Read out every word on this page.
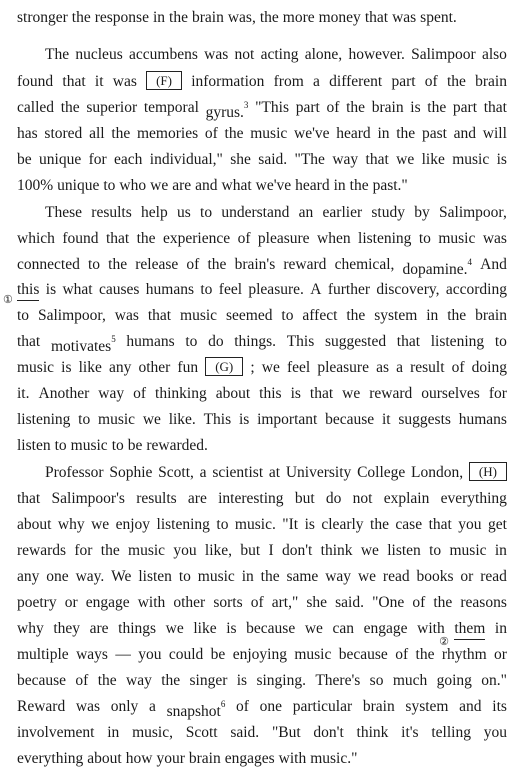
stronger the response in the brain was, the more money that was spent.
The nucleus accumbens was not acting alone, however. Salimpoor also
found that it was	(F)	information from a different part of the brain
called the superior temporal gyrus.$^3$ "This part of the brain is the part that
has stored all the memories of the music we've heard in the past and will
be unique for each individual," she said. "The way that we like music is
100% unique to who we are and what we've heard in the past."
These results help us to understand an earlier study by Salimpoor,
which found that the experience of pleasure when listening to music was
connected to the release of the brain's reward chemical, dopamine.$^4$ And
this is what causes humans to feel pleasure. A further discovery, according
①
to Salimpoor, was that music seemed to affect the system in the brain
that motivates$^5$ humans to do things. This suggested that listening to
music is like any other fun	(G)	; we feel pleasure as a result of doing
it. Another way of thinking about this is that we reward ourselves for
listening to music we like. This is important because it suggests humans
listen to music to be rewarded.
Professor Sophie Scott, a scientist at University College London,	(H)
that Salimpoor's results are interesting but do not explain everything
about why we enjoy listening to music. "It is clearly the case that you get
rewards for the music you like, but I don't think we listen to music in
any one way. We listen to music in the same way we read books or read
poetry or engage with other sorts of art," she said. "One of the reasons
why they are things we like is because we can engage with them in
②
multiple ways — you could be enjoying music because of the rhythm or
because of the way the singer is singing. There's so much going on."
Reward was only a snapshot$^6$ of one particular brain system and its
involvement in music, Scott said. "But don't think it's telling you
everything about how your brain engages with music."
